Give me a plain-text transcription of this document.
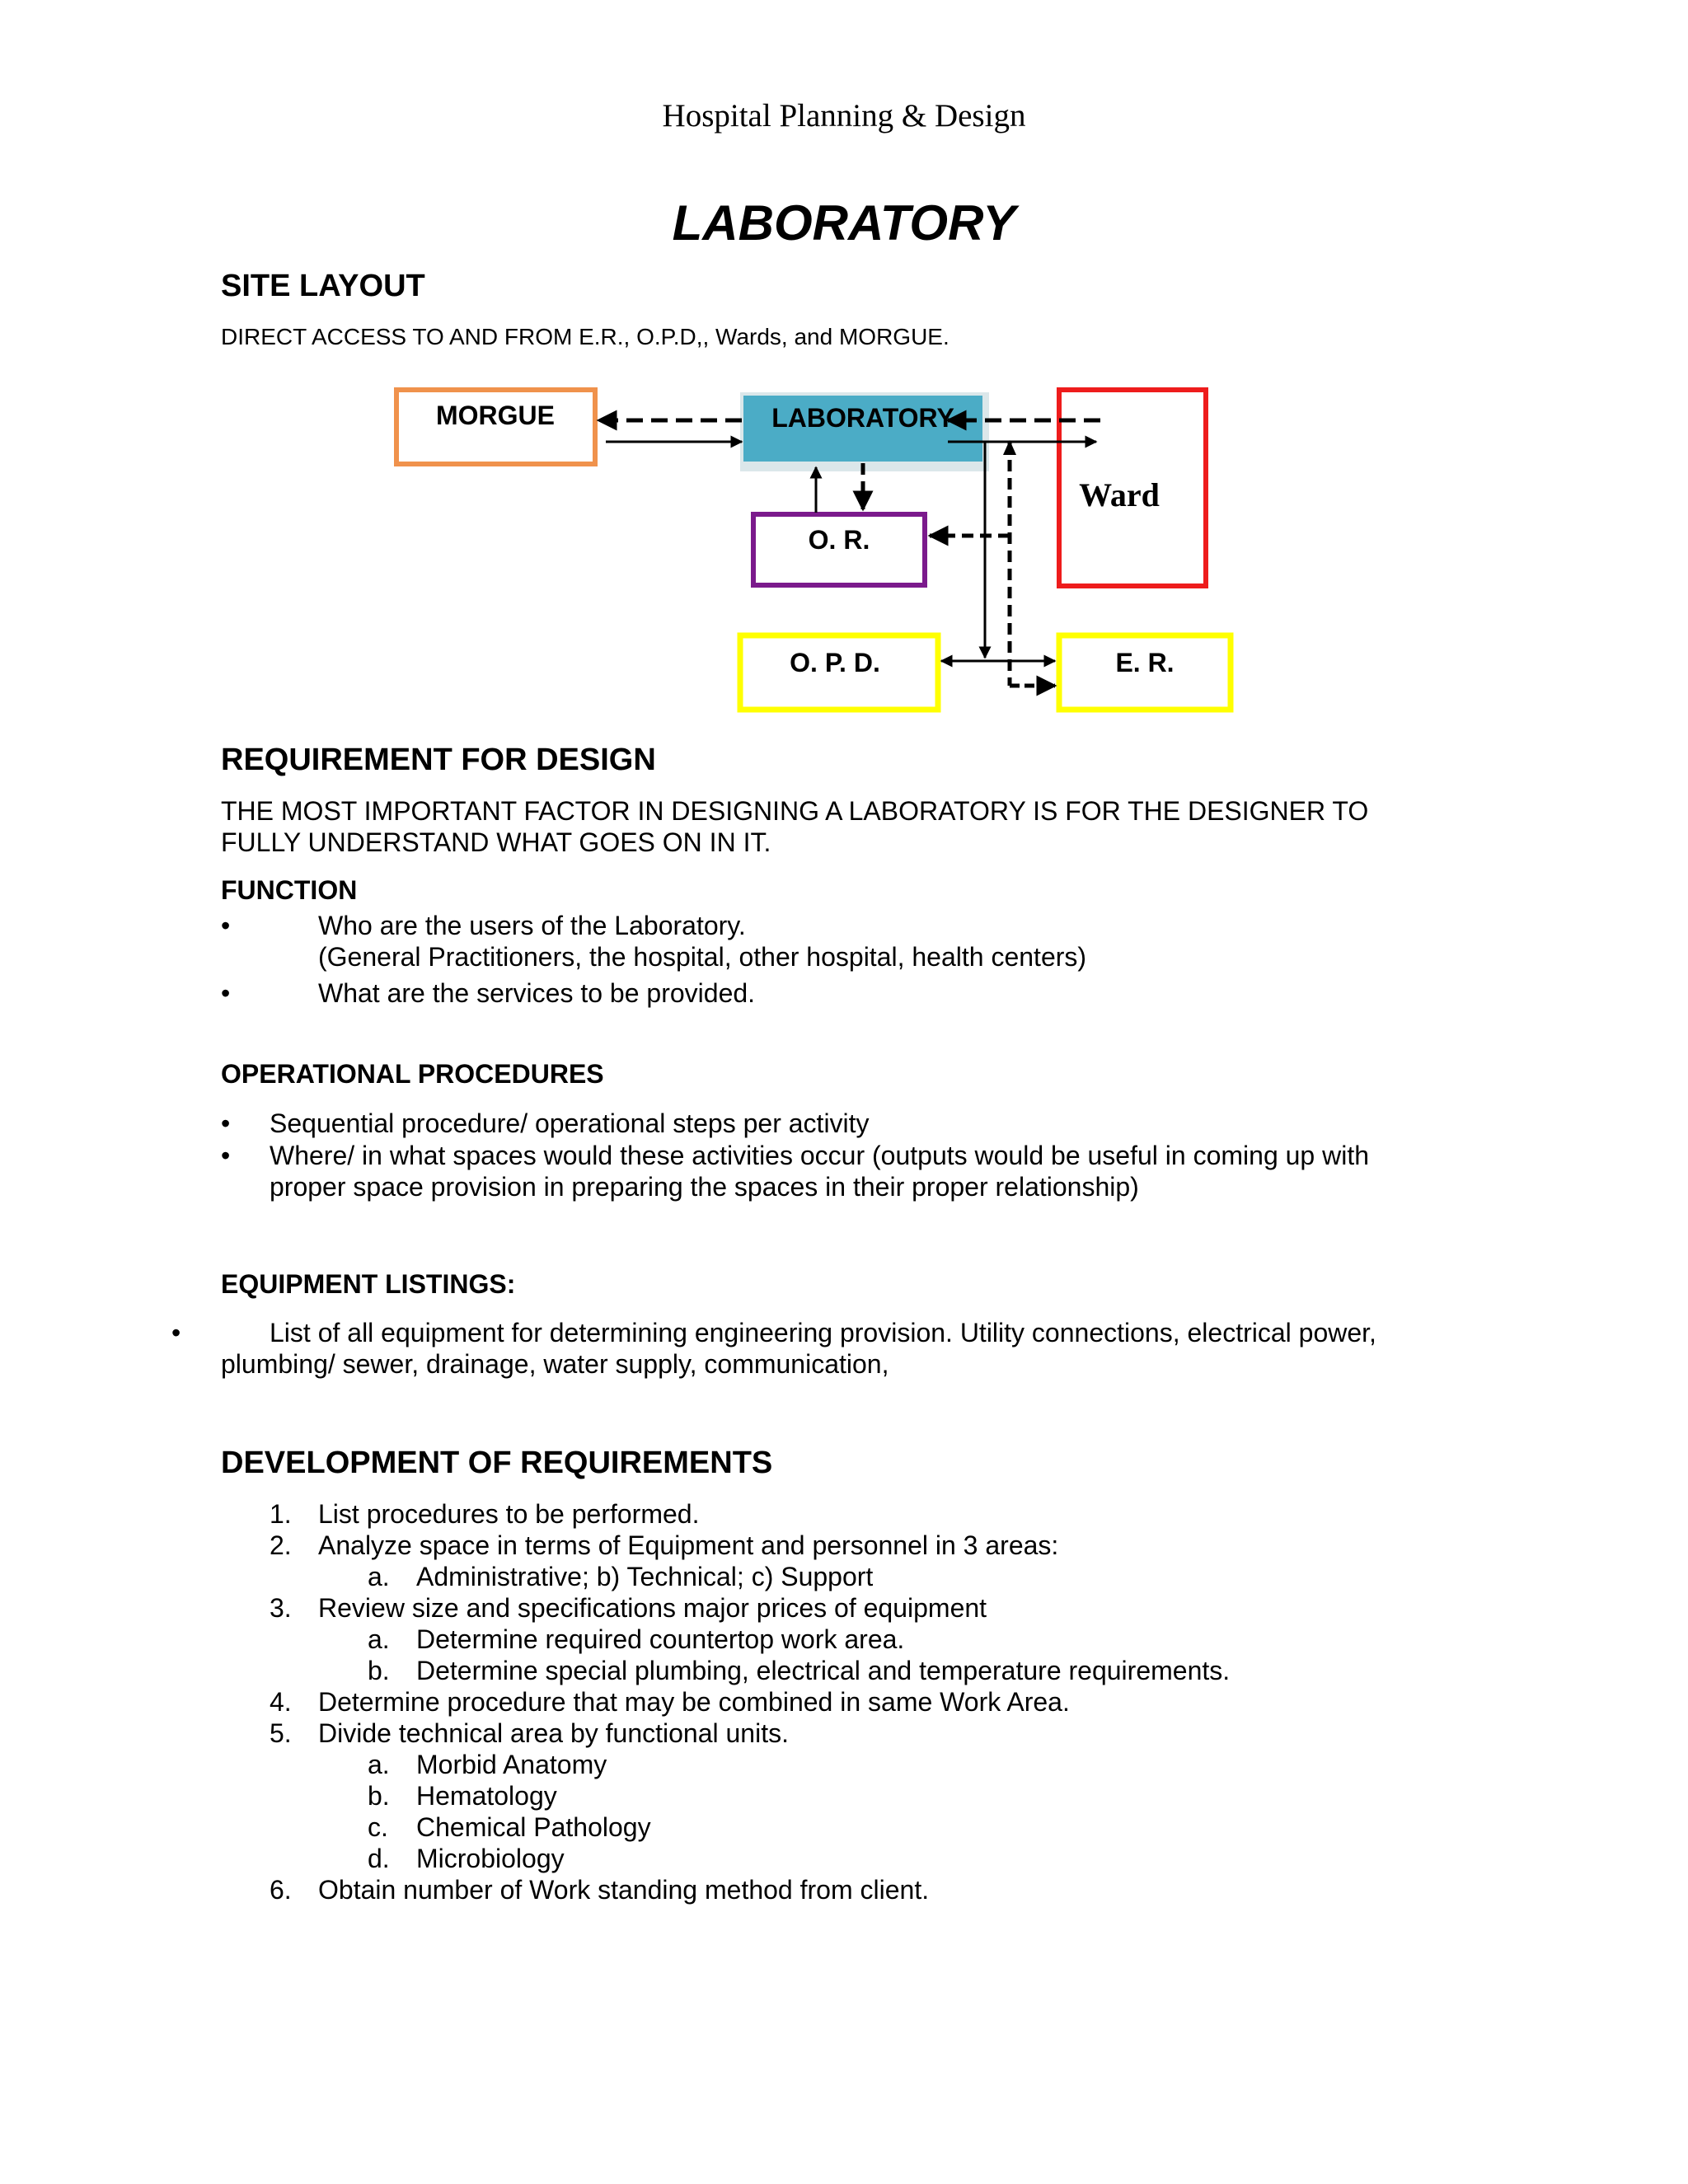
Hospital Planning & Design
LABORATORY
SITE LAYOUT
DIRECT ACCESS TO AND FROM E.R., O.P.D,, Wards, and MORGUE.
MORGUE	LABORATORY
Ward
O. R.
O. P. D.	E. R.
REQUIREMENT FOR DESIGN
THE MOST IMPORTANT FACTOR IN DESIGNING A LABORATORY IS FOR THE DESIGNER TO
FULLY UNDERSTAND WHAT GOES ON IN IT.
FUNCTION
•	Who are the users of the Laboratory.
(General Practitioners, the hospital, other hospital, health centers)
•	What are the services to be provided.
OPERATIONAL PROCEDURES
• Sequential procedure/ operational steps per activity
• Where/ in what spaces would these activities occur (outputs would be useful in coming up with
proper space provision in preparing the spaces in their proper relationship)
EQUIPMENT LISTINGS:
•	List of all equipment for determining engineering provision. Utility connections, electrical power,
plumbing/ sewer, drainage, water supply, communication,
DEVELOPMENT OF REQUIREMENTS
1. List procedures to be performed.
2. Analyze space in terms of Equipment and personnel in 3 areas:
a. Administrative; b) Technical; c) Support
3. Review size and specifications major prices of equipment
a. Determine required countertop work area.
b. Determine special plumbing, electrical and temperature requirements.
4. Determine procedure that may be combined in same Work Area.
5. Divide technical area by functional units.
a. Morbid Anatomy
b. Hematology
c. Chemical Pathology
d. Microbiology
6. Obtain number of Work standing method from client.
